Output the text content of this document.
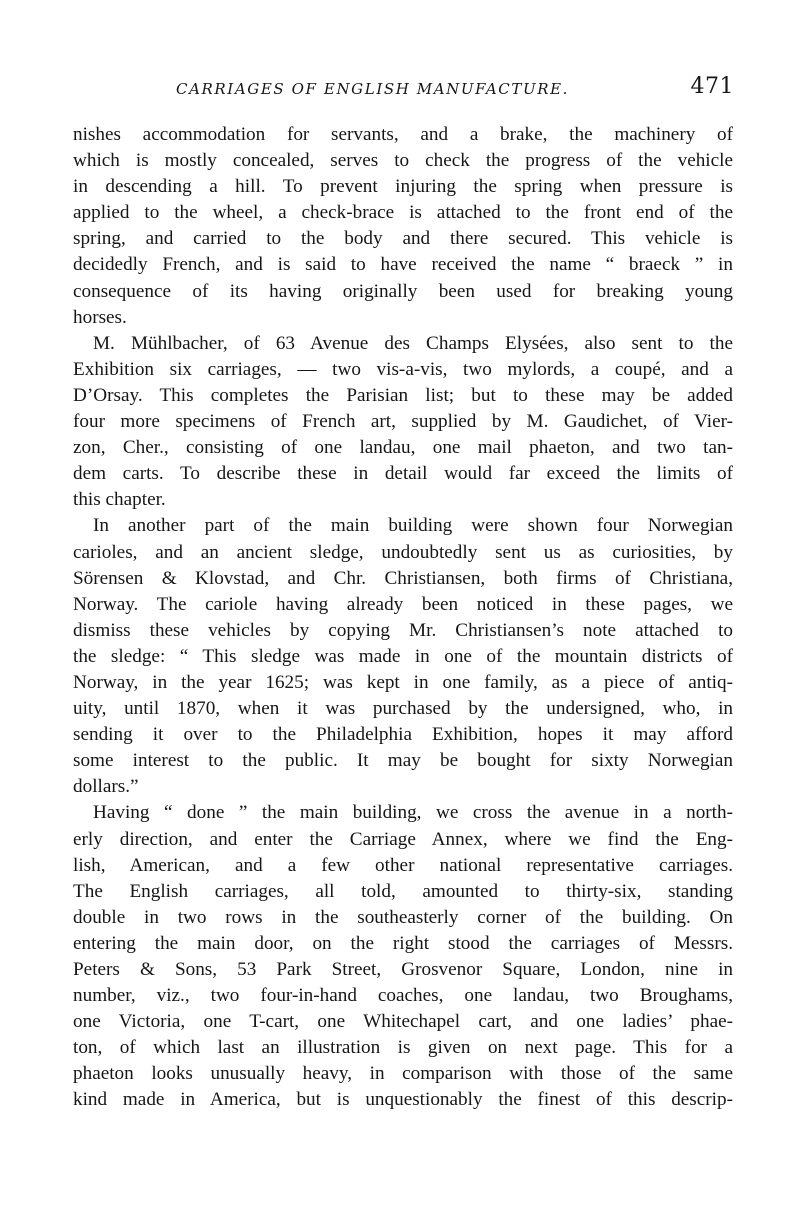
CARRIAGES OF ENGLISH MANUFACTURE.	471
nishes accommodation for servants, and a brake, the machinery of
which is mostly concealed, serves to check the progress of the vehicle
in descending a hill. To prevent injuring the spring when pressure is
applied to the wheel, a check-brace is attached to the front end of the
spring, and carried to the body and there secured. This vehicle is
decidedly French, and is said to have received the name “ braeck ” in
consequence of its having originally been used for breaking young
horses.
M. Mühlbacher, of 63 Avenue des Champs Elysées, also sent to the
Exhibition six carriages, — two vis-a-vis, two mylords, a coupé, and a
D’Orsay. This completes the Parisian list; but to these may be added
four more specimens of French art, supplied by M. Gaudichet, of Vier-
zon, Cher., consisting of one landau, one mail phaeton, and two tan-
dem carts. To describe these in detail would far exceed the limits of
this chapter.
In another part of the main building were shown four Norwegian
carioles, and an ancient sledge, undoubtedly sent us as curiosities, by
Sörensen & Klovstad, and Chr. Christiansen, both firms of Christiana,
Norway. The cariole having already been noticed in these pages, we
dismiss these vehicles by copying Mr. Christiansen’s note attached to
the sledge: “ This sledge was made in one of the mountain districts of
Norway, in the year 1625; was kept in one family, as a piece of antiq-
uity, until 1870, when it was purchased by the undersigned, who, in
sending it over to the Philadelphia Exhibition, hopes it may afford
some interest to the public. It may be bought for sixty Norwegian
dollars.”
Having “ done ” the main building, we cross the avenue in a north-
erly direction, and enter the Carriage Annex, where we find the Eng-
lish, American, and a few other national representative carriages.
The English carriages, all told, amounted to thirty-six, standing
double in two rows in the southeasterly corner of the building. On
entering the main door, on the right stood the carriages of Messrs.
Peters & Sons, 53 Park Street, Grosvenor Square, London, nine in
number, viz., two four-in-hand coaches, one landau, two Broughams,
one Victoria, one T-cart, one Whitechapel cart, and one ladies’ phae-
ton, of which last an illustration is given on next page. This for a
phaeton looks unusually heavy, in comparison with those of the same
kind made in America, but is unquestionably the finest of this descrip-
